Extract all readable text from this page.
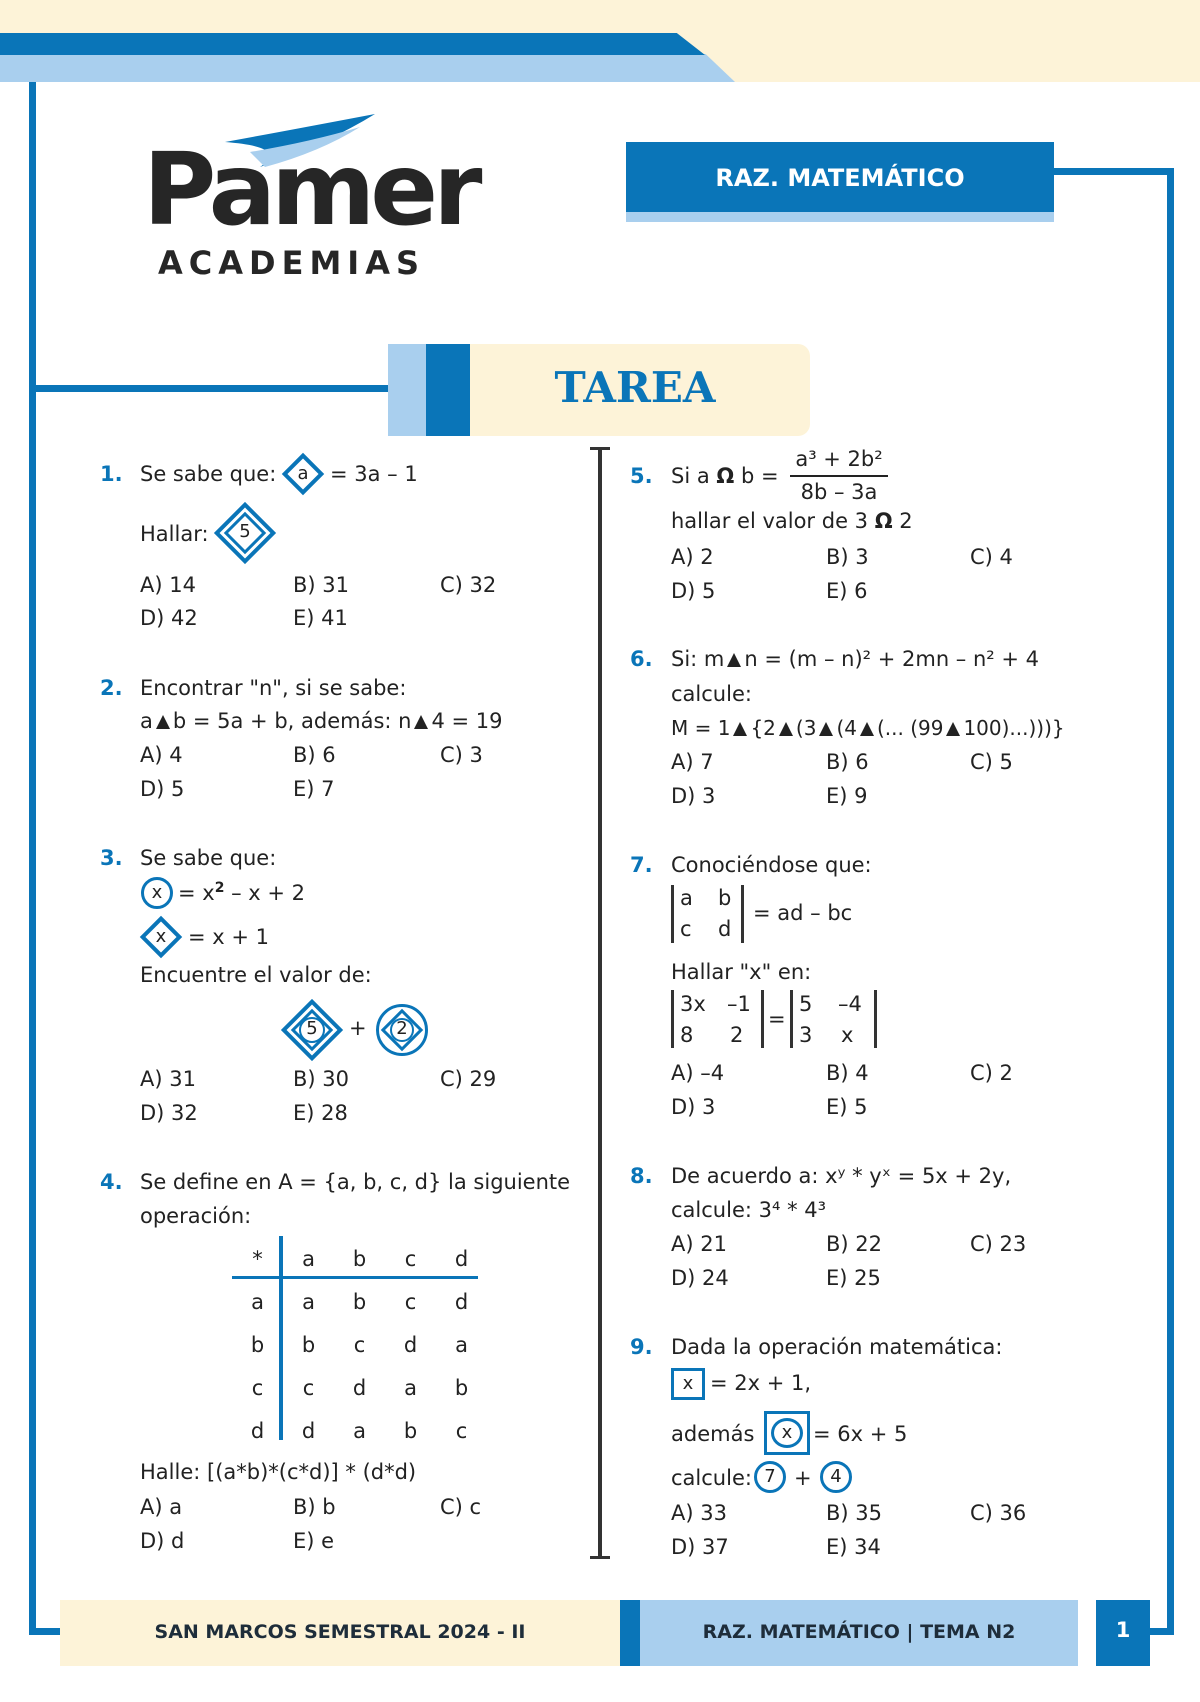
Pamer
ACADEMIAS
RAZ. MATEMÁTICO
TAREA
1. Se sabe que:	a	= 3a – 1
Hallar:	5
A) 14	B) 31	C) 32
D) 42	E) 41
2. Encontrar "n", si se sabe:
a b = 5a + b, además: n 4 = 19
A) 4	B) 6	C) 3
D) 5	E) 7
3. Se sabe que:
$x = x^2 - x + 2$
x	= x + 1
Encuentre el valor de:
5	+	2
A) 31	B) 30	C) 29
D) 32	E) 28
4. Se define en A = {a, b, c, d} la siguiente
operación:
*	a	b	c	d
a	a	b	c	d
b	b	c	d	a
c	c	d	a	b
d	d	a	b	c
Halle: [(a*b)*(c*d)] * (d*d)
A) a	B) b	C) c
D) d	E) e
5. Si a Ω b =
a³ + 2b²
8b – 3a
hallar el valor de 3 Ω 2
A) 2	B) 3	C) 4
D) 5	E) 6
6. Si: m n = (m – n)² + 2mn – n² + 4
calcule:
M = 1 {2 (3 (4 (... (99 100)...)))}
A) 7	B) 6	C) 5
D) 3	E) 9
7. Conociéndose que:
a b
c d
= ad – bc
Hallar "x" en:
3x –1
8 2
=
5 –4
3 x
A) –4	B) 4	C) 2
D) 3	E) 5
8. De acuerdo a: xʸ * yˣ = 5x + 2y,
calcule: 3⁴ * 4³
A) 21	B) 22	C) 23
D) 24	E) 25
9. Dada la operación matemática:
x = 2x + 1,
además	x = 6x + 5
calcule: 7 +	4
A) 33	B) 35	C) 36
D) 37	E) 34
SAN MARCOS SEMESTRAL 2024 - II	RAZ. MATEMÁTICO | TEMA N2	1
